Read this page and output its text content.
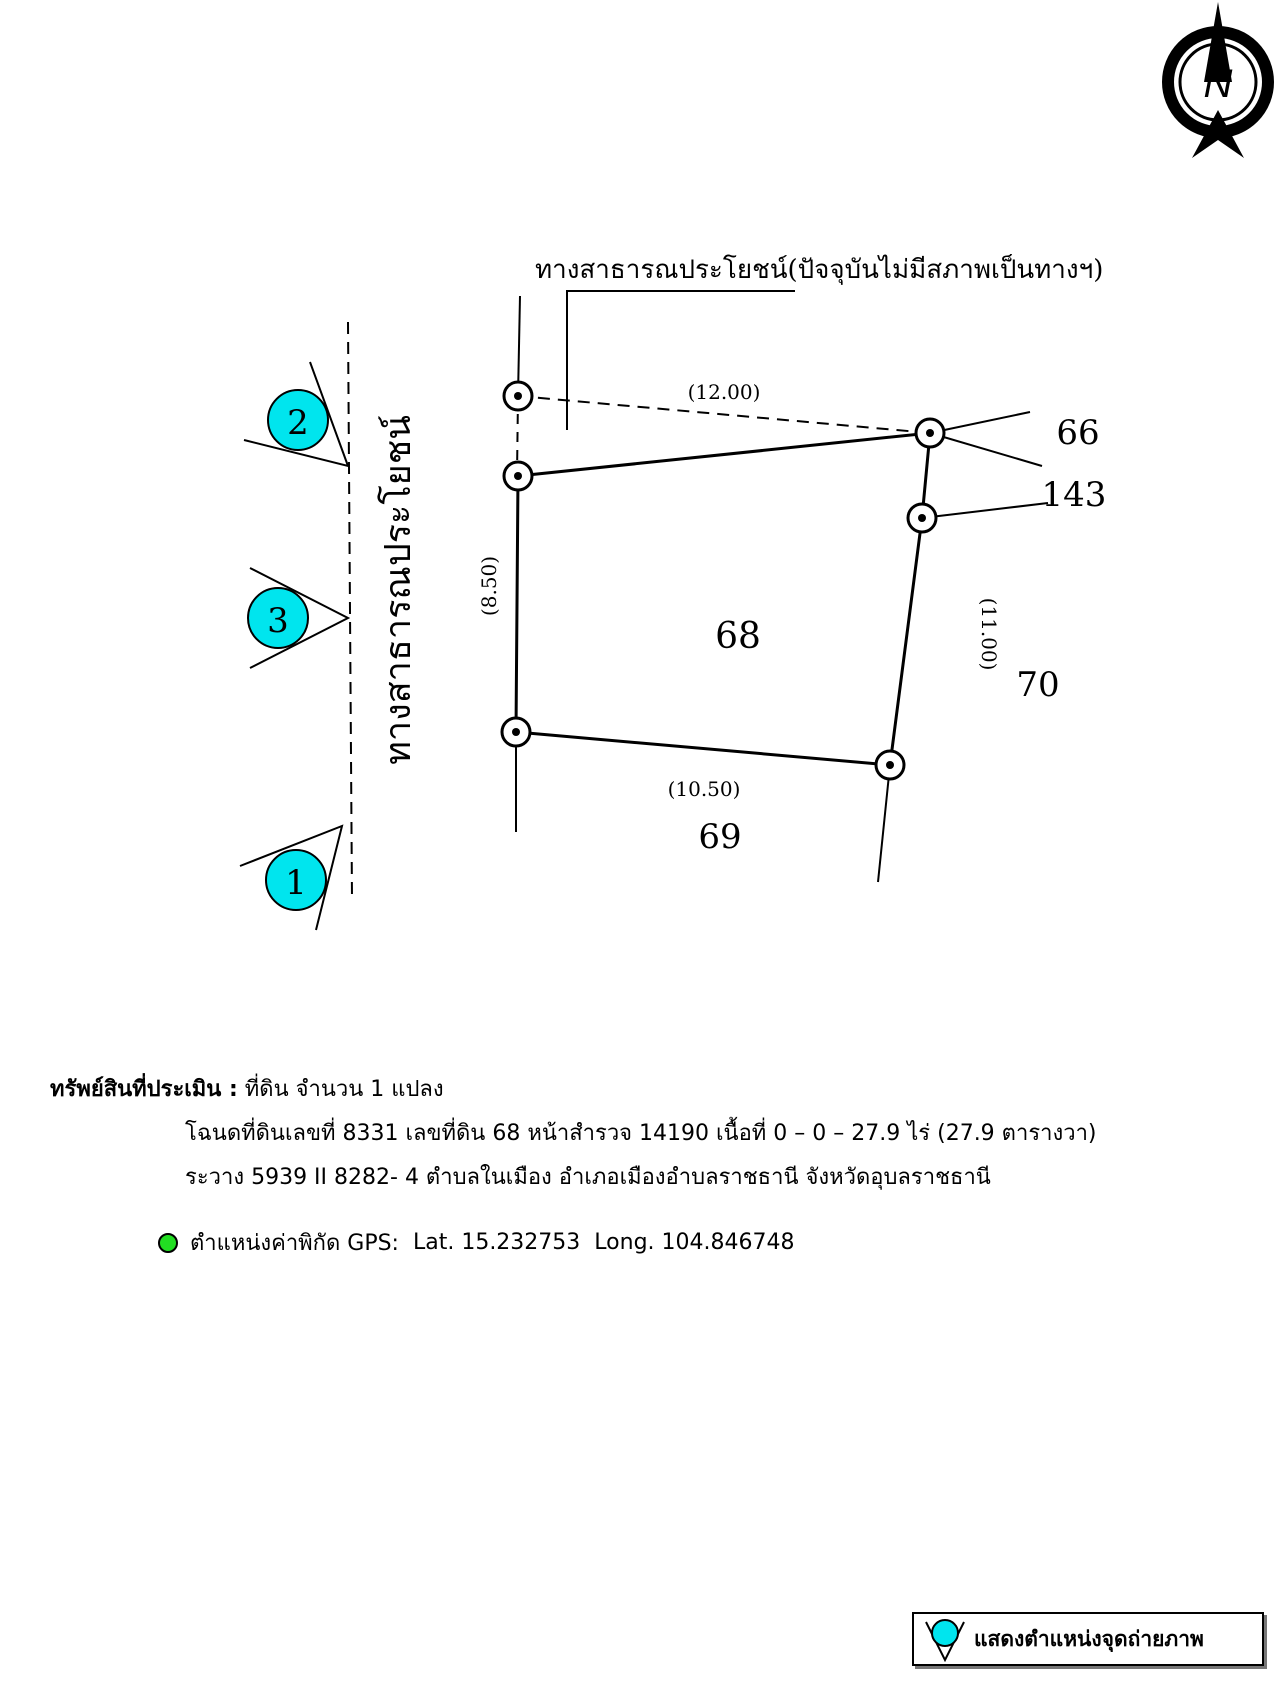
N
ทางสาธารณประโยชน์(ปัจจุบันไม่มีสภาพเป็นทางฯ)
ทางสาธารณประโยชน์
(12.00)
(8.50)
(11.00)
(10.50)
68
66
143
70
69
2
3
1
ทรัพย์สินที่ประเมิน : ที่ดิน จำนวน 1 แปลง
โฉนดที่ดินเลขที่ 8331 เลขที่ดิน 68 หน้าสำรวจ 14190 เนื้อที่ 0 – 0 – 27.9 ไร่ (27.9 ตารางวา)
ระวาง 5939 II 8282- 4 ตำบลในเมือง อำเภอเมืองอำบลราชธานี จังหวัดอุบลราชธานี
ตำแหน่งค่าพิกัด GPS: Lat. 15.232753 Long. 104.846748
แสดงตำแหน่งจุดถ่ายภาพ
